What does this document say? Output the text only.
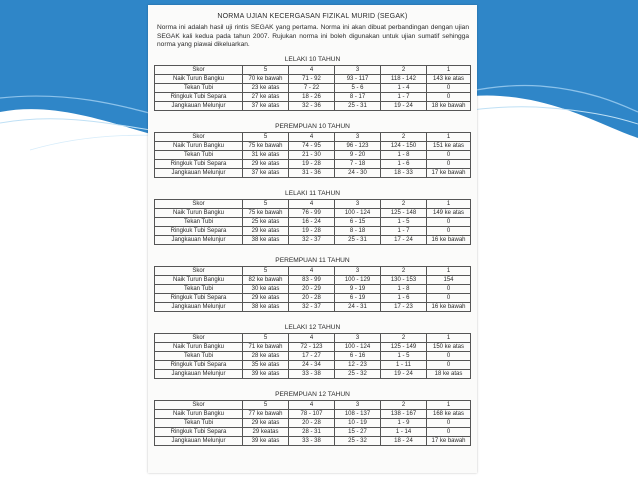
NORMA UJIAN KECERGASAN FIZIKAL MURID (SEGAK)
Norma ini adalah hasil uji rintis SEGAK yang pertama. Norma ini akan dibuat perbandingan dengan ujian SEGAK kali kedua pada tahun 2007. Rujukan norma ini boleh digunakan untuk ujian sumatif sehingga norma yang piawai dikeluarkan.
LELAKI 10 TAHUN
Skor	5	4	3	2	1
Naik Turun Bangku	70 ke bawah	71 - 92	93 - 117	118 - 142	143 ke atas
Tekan Tubi	23 ke atas	7 - 22	5 - 6	1 - 4	0
Ringkuk Tubi Separa	27 ke atas	18 - 26	8 - 17	1 - 7	0
Jangkauan Melunjur	37 ke atas	32 - 36	25 - 31	19 - 24	18 ke bawah
PEREMPUAN 10 TAHUN
Skor	5	4	3	2	1
Naik Turun Bangku	75 ke bawah	74 - 95	96 - 123	124 - 150	151 ke atas
Tekan Tubi	31 ke atas	21 - 30	9 - 20	1 - 8	0
Ringkuk Tubi Separa	29 ke atas	19 - 28	7 - 18	1 - 6	0
Jangkauan Melunjur	37 ke atas	31 - 36	24 - 30	18 - 33	17 ke bawah
LELAKI 11 TAHUN
Skor	5	4	3	2	1
Naik Turun Bangku	75 ke bawah	76 - 99	100 - 124	125 - 148	149 ke atas
Tekan Tubi	25 ke atas	16 - 24	6 - 15	1 - 5	0
Ringkuk Tubi Separa	29 ke atas	19 - 28	8 - 18	1 - 7	0
Jangkauan Melunjur	38 ke atas	32 - 37	25 - 31	17 - 24	16 ke bawah
PEREMPUAN 11 TAHUN
Skor	5	4	3	2	1
Naik Turun Bangku	82 ke bawah	83 - 99	100 - 129	130 - 153	154
Tekan Tubi	30 ke atas	20 - 29	9 - 19	1 - 8	0
Ringkuk Tubi Separa	29 ke atas	20 - 28	6 - 19	1 - 6	0
Jangkauan Melunjur	38 ke atas	32 - 37	24 - 31	17 - 23	16 ke bawah
LELAKI 12 TAHUN
Skor	5	4	3	2	1
Naik Turun Bangku	71 ke bawah	72 - 123	100 - 124	125 - 149	150 ke atas
Tekan Tubi	28 ke atas	17 - 27	6 - 16	1 - 5	0
Ringkuk Tubi Separa	35 ke atas	24 - 34	12 - 23	1 - 11	0
Jangkauan Melunjur	39 ke atas	33 - 38	25 - 32	19 - 24	18 ke atas
PEREMPUAN 12 TAHUN
Skor	5	4	3	2	1
Naik Turun Bangku	77 ke bawah	78 - 107	108 - 137	138 - 167	168 ke atas
Tekan Tubi	29 ke atas	20 - 28	10 - 19	1 - 9	0
Ringkuk Tubi Separa	29 keatas	28 - 31	15 - 27	1 - 14	0
Jangkauan Melunjur	39 ke atas	33 - 38	25 - 32	18 - 24	17 ke bawah
